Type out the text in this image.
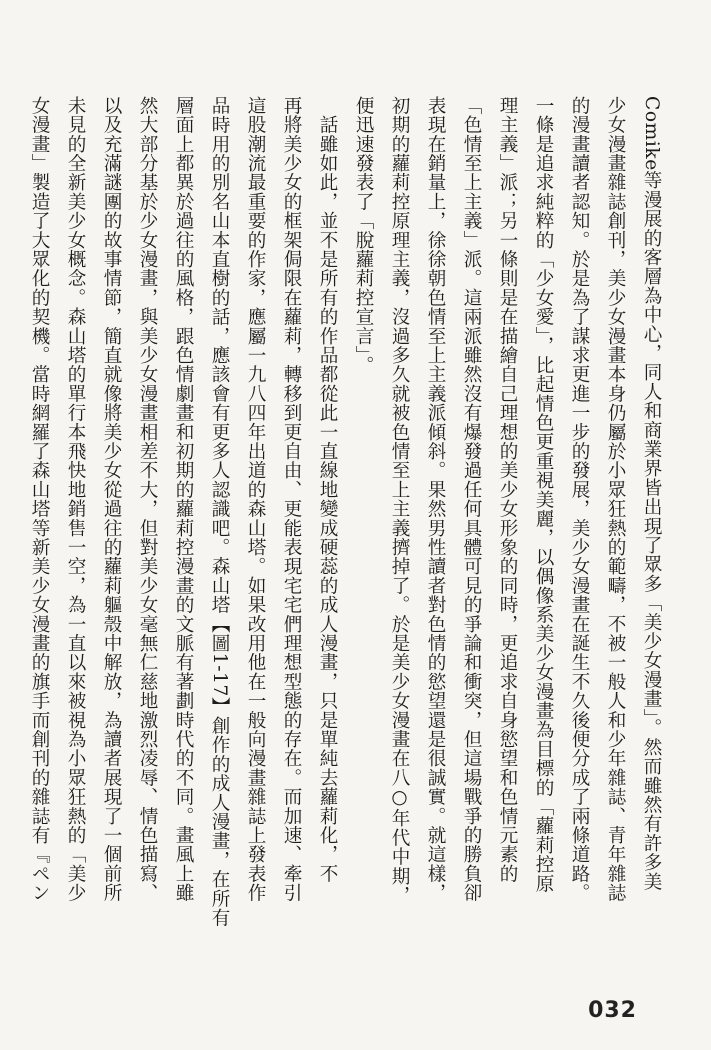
Comike等漫展的客層為中心，同人和商業界皆出現了眾多「美少女漫畫」。然而雖然有許多美

少女漫畫雜誌創刊，美少女漫畫本身仍屬於小眾狂熱的範疇，不被一般人和少年雜誌、青年雜誌

的漫畫讀者認知。於是為了謀求更進一步的發展，美少女漫畫在誕生不久後便分成了兩條道路。

一條是追求純粹的「少女愛」，比起情色更重視美麗，以偶像系美少女漫畫為目標的「蘿莉控原

理主義」派；另一條則是在描繪自己理想的美少女形象的同時，更追求自身慾望和色情元素的

「色情至上主義」派。這兩派雖然沒有爆發過任何具體可見的爭論和衝突，但這場戰爭的勝負卻

表現在銷量上，徐徐朝色情至上主義派傾斜。果然男性讀者對色情的慾望還是很誠實。就這樣，

初期的蘿莉控原理主義，沒過多久就被色情至上主義擠掉了。於是美少女漫畫在八○年代中期，

便迅速發表了「脫蘿莉控宣言」。

　話雖如此，並不是所有的作品都從此一直線地變成硬蕊的成人漫畫，只是單純去蘿莉化，不

再將美少女的框架侷限在蘿莉，轉移到更自由、更能表現宅宅們理想型態的存在。而加速、牽引

這股潮流最重要的作家，應屬一九八四年出道的森山塔。如果改用他在一般向漫畫雜誌上發表作

品時用的別名山本直樹的話，應該會有更多人認識吧。森山塔【圖1-17】創作的成人漫畫，在所有

層面上都異於過往的風格，跟色情劇畫和初期的蘿莉控漫畫的文脈有著劃時代的不同。畫風上雖

然大部分基於少女漫畫，與美少女漫畫相差不大，但對美少女毫無仁慈地激烈凌辱、情色描寫、

以及充滿謎團的故事情節，簡直就像將美少女從過往的蘿莉軀殼中解放，為讀者展現了一個前所

未見的全新美少女概念。森山塔的單行本飛快地銷售一空，為一直以來被視為小眾狂熱的「美少

女漫畫」製造了大眾化的契機。當時網羅了森山塔等新美少女漫畫的旗手而創刊的雜誌有『ペン

032
